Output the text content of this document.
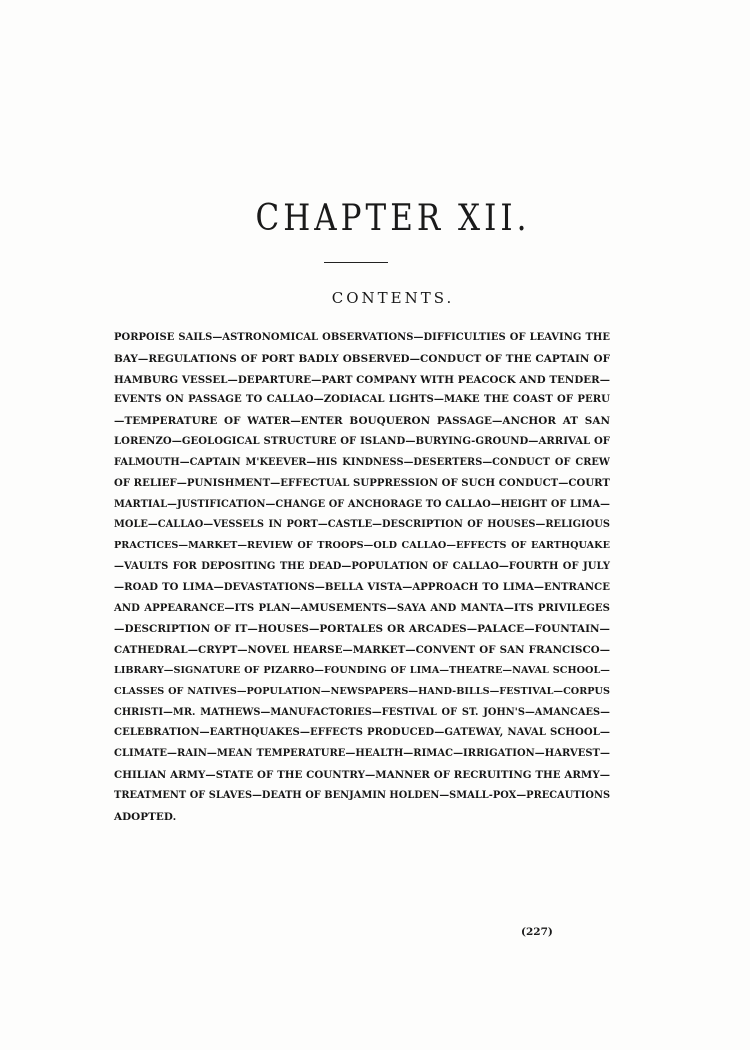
CHAPTER XII.
CONTENTS.
PORPOISE SAILS—ASTRONOMICAL OBSERVATIONS—DIFFICULTIES OF LEAVING THE
BAY—REGULATIONS OF PORT BADLY OBSERVED—CONDUCT OF THE CAPTAIN OF
HAMBURG VESSEL—DEPARTURE—PART COMPANY WITH PEACOCK AND TENDER—
EVENTS ON PASSAGE TO CALLAO—ZODIACAL LIGHTS—MAKE THE COAST OF PERU
—TEMPERATURE OF WATER—ENTER BOUQUERON PASSAGE—ANCHOR AT SAN
LORENZO—GEOLOGICAL STRUCTURE OF ISLAND—BURYING-GROUND—ARRIVAL OF
FALMOUTH—CAPTAIN M'KEEVER—HIS KINDNESS—DESERTERS—CONDUCT OF CREW
OF RELIEF—PUNISHMENT—EFFECTUAL SUPPRESSION OF SUCH CONDUCT—COURT
MARTIAL—JUSTIFICATION—CHANGE OF ANCHORAGE TO CALLAO—HEIGHT OF LIMA—
MOLE—CALLAO—VESSELS IN PORT—CASTLE—DESCRIPTION OF HOUSES—RELIGIOUS
PRACTICES—MARKET—REVIEW OF TROOPS—OLD CALLAO—EFFECTS OF EARTHQUAKE
—VAULTS FOR DEPOSITING THE DEAD—POPULATION OF CALLAO—FOURTH OF JULY
—ROAD TO LIMA—DEVASTATIONS—BELLA VISTA—APPROACH TO LIMA—ENTRANCE
AND APPEARANCE—ITS PLAN—AMUSEMENTS—SAYA AND MANTA—ITS PRIVILEGES
—DESCRIPTION OF IT—HOUSES—PORTALES OR ARCADES—PALACE—FOUNTAIN—
CATHEDRAL—CRYPT—NOVEL HEARSE—MARKET—CONVENT OF SAN FRANCISCO—
LIBRARY—SIGNATURE OF PIZARRO—FOUNDING OF LIMA—THEATRE—NAVAL SCHOOL—
CLASSES OF NATIVES—POPULATION—NEWSPAPERS—HAND-BILLS—FESTIVAL—CORPUS
CHRISTI—MR. MATHEWS—MANUFACTORIES—FESTIVAL OF ST. JOHN'S—AMANCAES—
CELEBRATION—EARTHQUAKES—EFFECTS PRODUCED—GATEWAY, NAVAL SCHOOL—
CLIMATE—RAIN—MEAN TEMPERATURE—HEALTH—RIMAC—IRRIGATION—HARVEST—
CHILIAN ARMY—STATE OF THE COUNTRY—MANNER OF RECRUITING THE ARMY—
TREATMENT OF SLAVES—DEATH OF BENJAMIN HOLDEN—SMALL-POX—PRECAUTIONS
ADOPTED.
(227)
